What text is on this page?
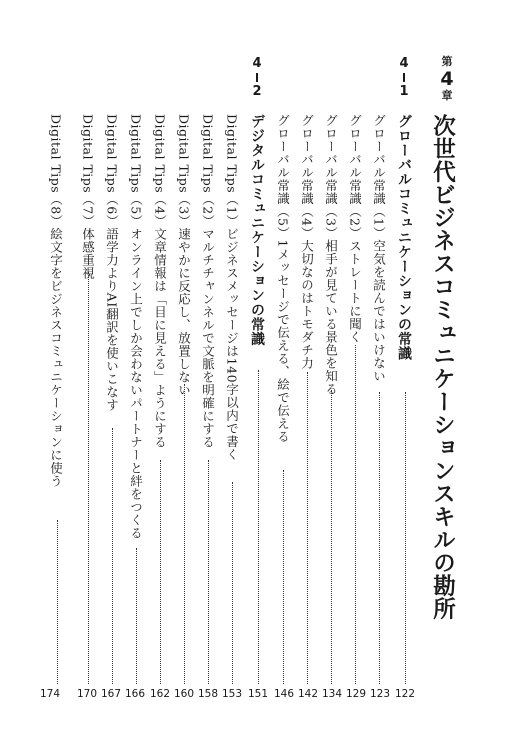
第
4
章
次世代ビジネスコミュニケーションスキルの勘所
4
1
グローバルコミュニケーションの常識
122
グローバル常識（1）空気を読んではいけない
123
グローバル常識（2）ストレートに聞く
129
グローバル常識（3）相手が見ている景色を知る
134
グローバル常識（4）大切なのはトモダチ力
142
グローバル常識（5）1メッセージで伝える、絵で伝える
146
4
2
デジタルコミュニケーションの常識
151
Digital Tips（1）ビジネスメッセージは140字以内で書く
153
Digital Tips（2）マルチチャンネルで文脈を明確にする
158
Digital Tips（3）速やかに反応し、放置しない
160
Digital Tips（4）文章情報は「目に見える」ようにする
162
Digital Tips（5）オンライン上でしか会わないパートナーと絆をつくる
166
Digital Tips（6）語学力よりAI翻訳を使いこなす
167
Digital Tips（7）体感重視
170
Digital Tips（8）絵文字をビジネスコミュニケーションに使う
174
